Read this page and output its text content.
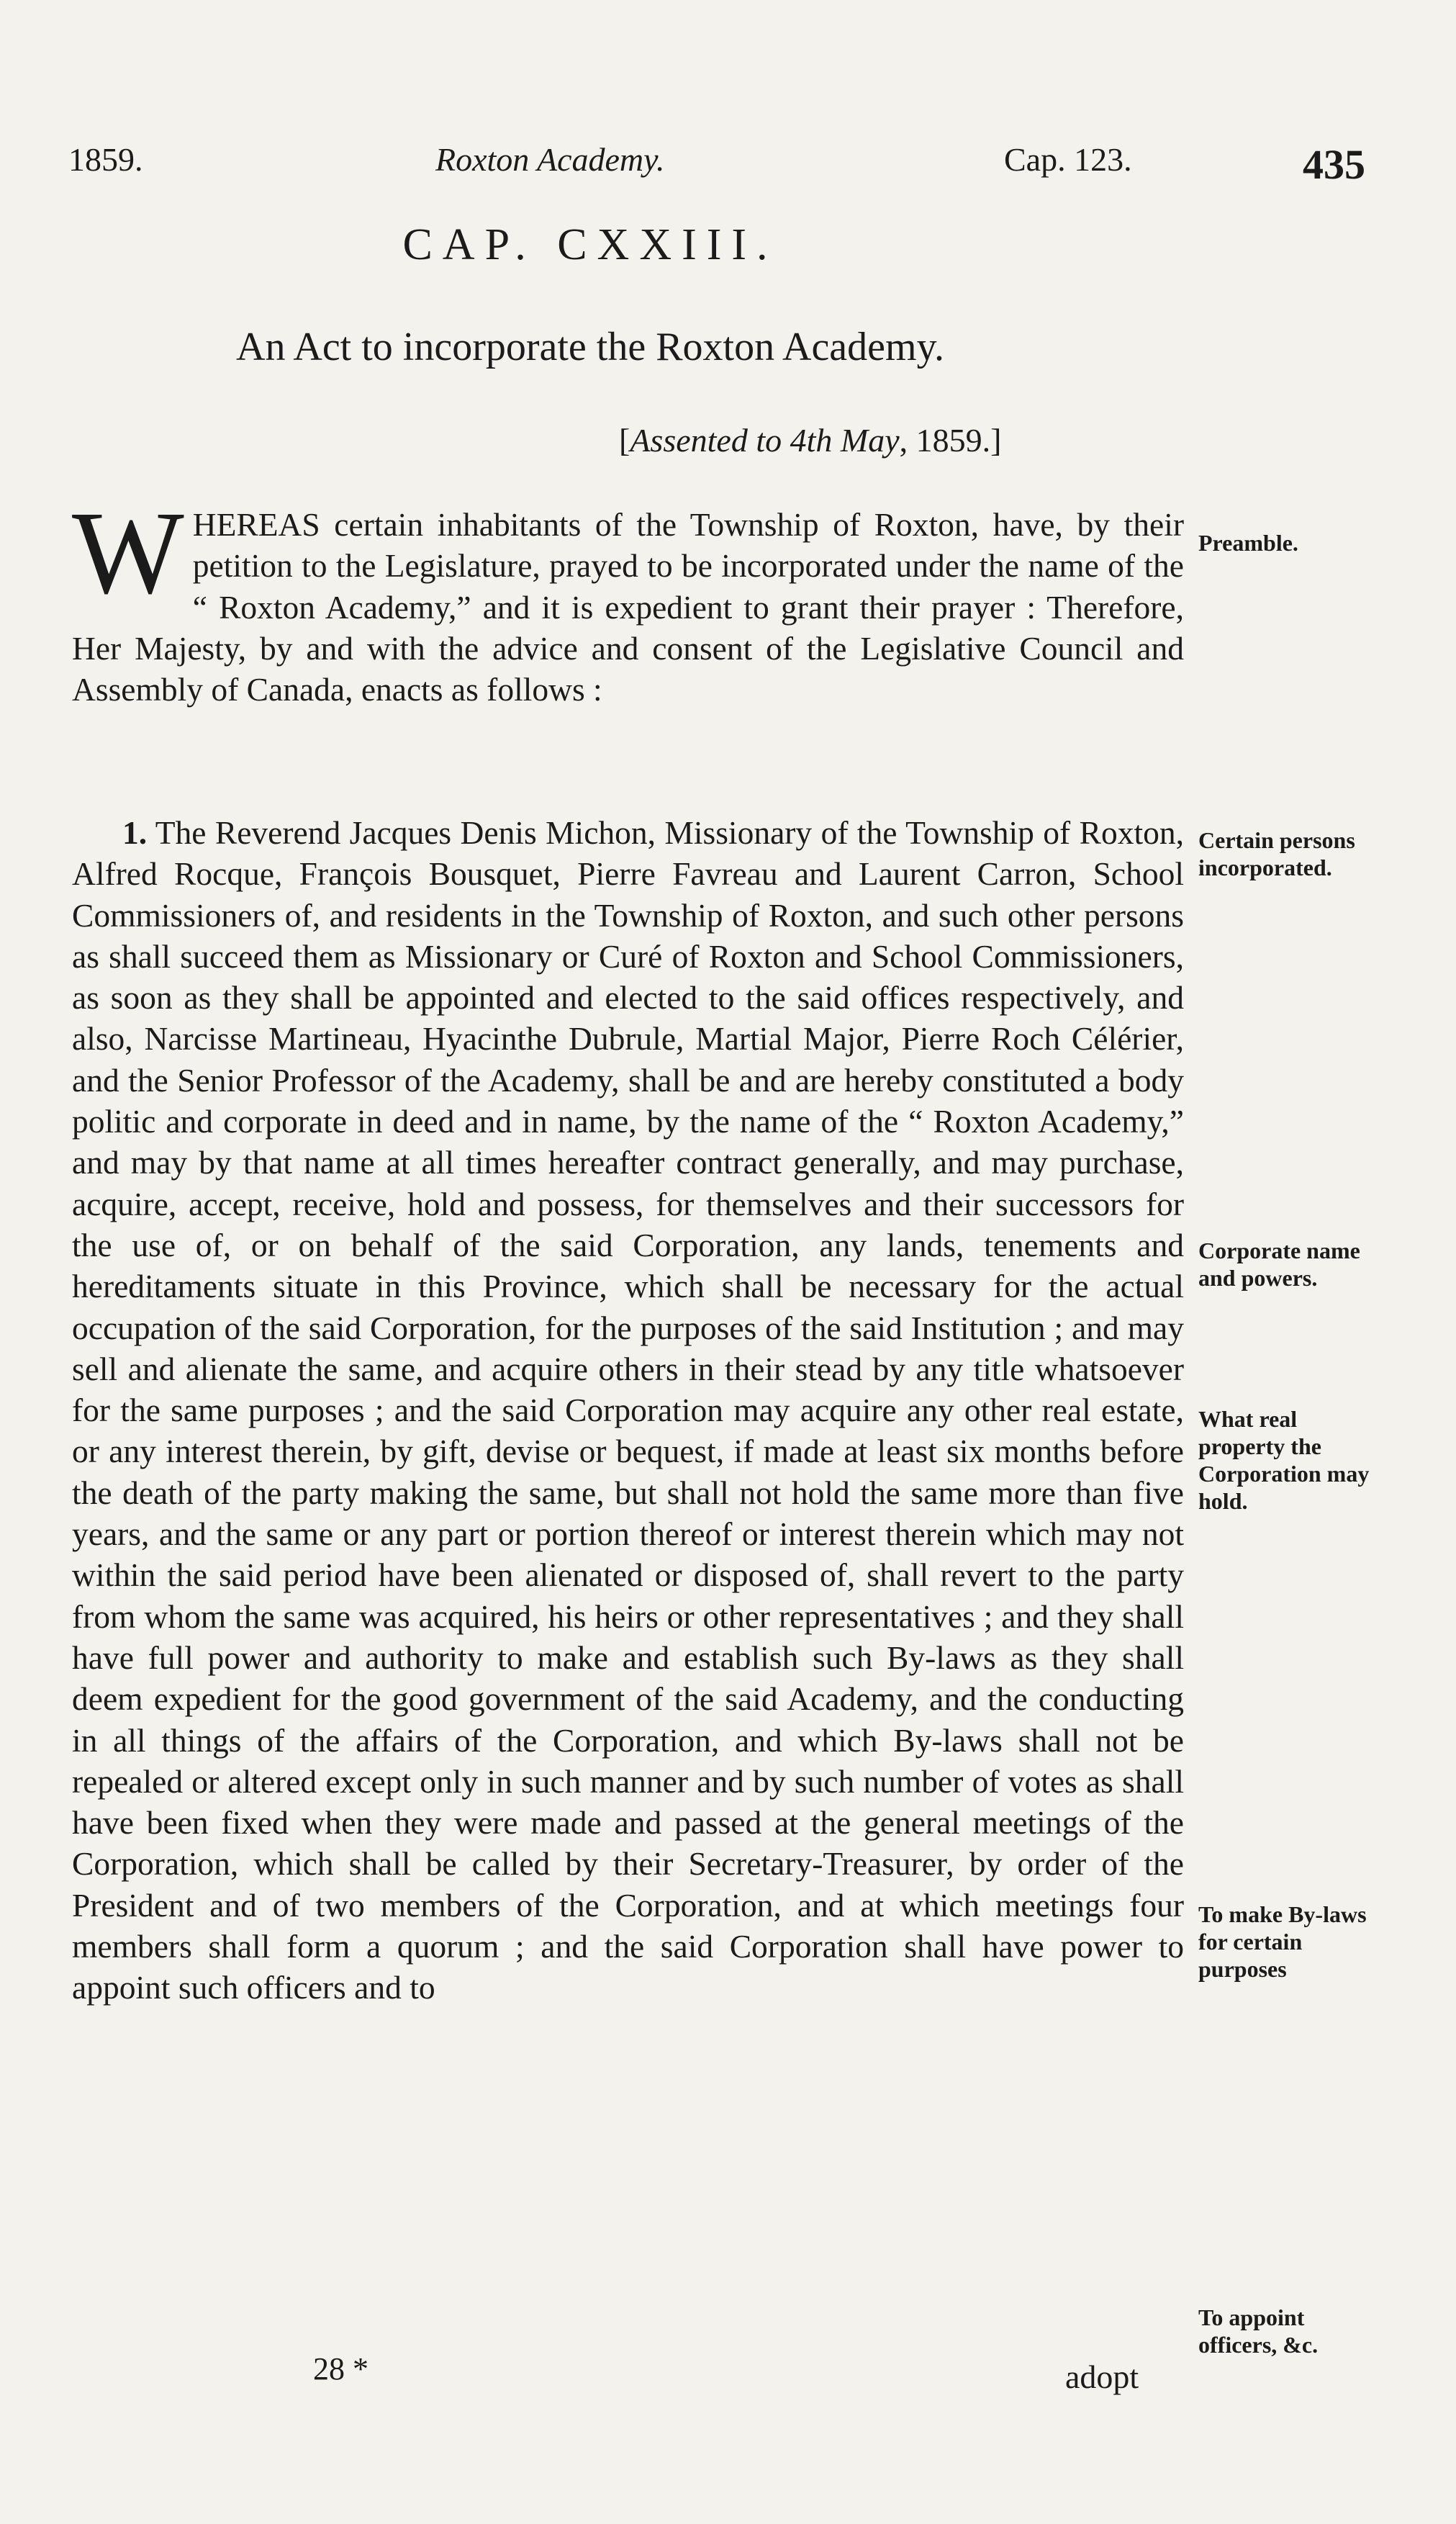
1859.	Roxton Academy.	Cap. 123.	435
CAP. CXXIII.
An Act to incorporate the Roxton Academy.
[Assented to 4th May, 1859.]
WHEREAS certain inhabitants of the Township of Roxton, have, by their petition to the Legislature, prayed to be incorporated under the name of the “ Roxton Academy,” and it is expedient to grant their prayer : Therefore, Her Majesty, by and with the advice and consent of the Legislative Council and Assembly of Canada, enacts as follows :
1. The Reverend Jacques Denis Michon, Missionary of the Township of Roxton, Alfred Rocque, François Bousquet, Pierre Favreau and Laurent Carron, School Commissioners of, and residents in the Township of Roxton, and such other persons as shall succeed them as Missionary or Curé of Roxton and School Commissioners, as soon as they shall be appointed and elected to the said offices respectively, and also, Narcisse Martineau, Hyacinthe Dubrule, Martial Major, Pierre Roch Célérier, and the Senior Professor of the Academy, shall be and are hereby constituted a body politic and corporate in deed and in name, by the name of the “ Roxton Academy,” and may by that name at all times hereafter contract generally, and may purchase, acquire, accept, receive, hold and possess, for themselves and their successors for the use of, or on behalf of the said Corporation, any lands, tenements and hereditaments situate in this Province, which shall be necessary for the actual occupation of the said Corporation, for the purposes of the said Institution ; and may sell and alienate the same, and acquire others in their stead by any title whatsoever for the same purposes ; and the said Corporation may acquire any other real estate, or any interest therein, by gift, devise or bequest, if made at least six months before the death of the party making the same, but shall not hold the same more than five years, and the same or any part or portion thereof or interest therein which may not within the said period have been alienated or disposed of, shall revert to the party from whom the same was acquired, his heirs or other representatives ; and they shall have full power and authority to make and establish such By-laws as they shall deem expedient for the good government of the said Academy, and the conducting in all things of the affairs of the Corporation, and which By-laws shall not be repealed or altered except only in such manner and by such number of votes as shall have been fixed when they were made and passed at the general meetings of the Corporation, which shall be called by their Secretary-Treasurer, by order of the President and of two members of the Corporation, and at which meetings four members shall form a quorum ; and the said Corporation shall have power to appoint such officers and to
Preamble.
Certain persons incorporated.
Corporate name and powers.
What real property the Corporation may hold.
To make By-laws for certain purposes
To appoint officers, &c.
28 *	adopt
